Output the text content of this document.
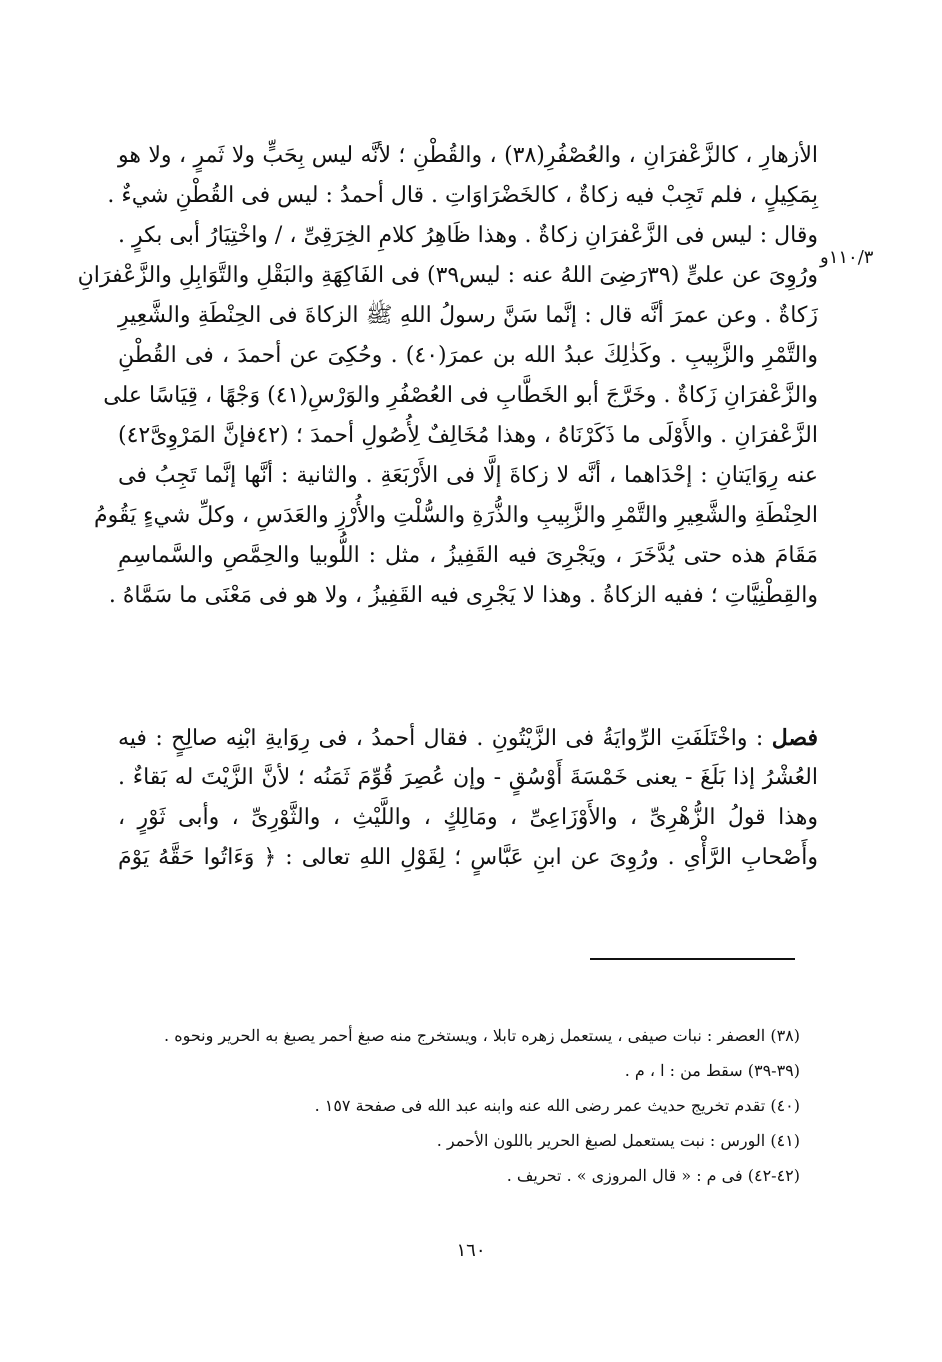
الأزهارِ ، كالزَّعْفرَانِ ، والعُصْفُرِ(٣٨) ، والقُطْنِ ؛ لأنَّه ليس بِحَبٍّ ولا ثَمرٍ ، ولا هو
بِمَكِيلٍ ، فلم تَجِبْ فيه زكاةٌ ، كالخَضْرَاوَاتِ . قال أحمدُ : ليس فى القُطْنِ شيءٌ .
وقال : ليس فى الزَّعْفرَانِ زكاةٌ . وهذا ظَاهِرُ كلامِ الخِرَقِىِّ ، / واخْتِيَارُ أبى بكرٍ .
ورُوِىَ عن علىٍّ (٣٩رَضِىَ اللهُ عنه : ليس٣٩) فى الفَاكِهَةِ والبَقْلِ والتَّوَابِلِ والزَّعْفرَانِ
زَكاةٌ . وعن عمرَ أنَّه قال : إنَّما سَنَّ رسولُ اللهِ ﷺ الزكاةَ فى الحِنْطَةِ والشَّعِيرِ
والتَّمْرِ والزَّبِيبِ . وكَذٰلِكَ عبدُ الله بن عمرَ(٤٠) . وحُكِىَ عن أحمدَ ، فى القُطْنِ
والزَّعْفرَانِ زَكاةٌ . وخَرَّجَ أبو الخَطَّابِ فى العُصْفُرِ والوَرْسِ(٤١) وَجْهًا ، قِيَاسًا على
الزَّعْفرَانِ . والأَوْلَى ما ذَكَرْنَاهُ ، وهذا مُخَالِفٌ لِأُصُولِ أحمدَ ؛ (٤٢فإنَّ المَرْوِىَّ٤٢)
عنه رِوَايَتانِ : إحْدَاهما ، أنَّه لا زكاةَ إلَّا فى الأَرْبَعَةِ . والثانية : أنَّها إنَّما تَجِبُ فى
الحِنْطَةِ والشَّعِيرِ والتَّمْرِ والزَّبِيبِ والذُّرَةِ والسُّلْتِ والأُرْزِ والعَدَسِ ، وكلِّ شيءٍ يَقُومُ
مَقَامَ هذه حتى يُدَّخَرَ ، ويَجْرِىَ فيه القَفِيزُ ، مثل : اللُّوبيا والحِمَّصِ والسَّماسِمِ
والقِطْنِيَّاتِ ؛ ففيه الزكاةُ . وهذا لا يَجْرِى فيه القَفِيزُ ، ولا هو فى مَعْنَى ما سَمَّاهُ .
١١٠/٣و
فصل : واخْتَلَفَتِ الرِّوايَةُ فى الزَّيْتُونِ . فقال أحمدُ ، فى رِوَايةِ ابْنِه صالِحٍ : فيه
العُشْرُ إذا بَلَغَ - يعنى خَمْسَةَ أَوْسُقٍ - وإن عُصِرَ قُوِّمَ ثَمَنُه ؛ لأنَّ الزَّيْتَ له بَقاءٌ .
وهذا قولُ الزُّهْرِىِّ ، والأَوْزَاعِىِّ ، ومَالِكٍ ، واللَّيْثِ ، والثَّوْرِىِّ ، وأبى ثَوْرٍ ،
وأَصْحابِ الرَّأْىِ . ورُوِىَ عن ابنِ عَبَّاسٍ ؛ لِقَوْلِ اللهِ تعالى : ﴿ وَءَاتُوا حَقَّهُ يَوْمَ
(٣٨) العصفر : نبات صيفى ، يستعمل زهره تابلا ، ويستخرج منه صبغ أحمر يصبغ به الحرير ونحوه .
(٣٩-٣٩) سقط من : ا ، م .
(٤٠) تقدم تخريج حديث عمر رضى الله عنه وابنه عبد الله فى صفحة ١٥٧ .
(٤١) الورس : نبت يستعمل لصبغ الحرير باللون الأحمر .
(٤٢-٤٢) فى م : « قال المروزى » . تحريف .
١٦٠
